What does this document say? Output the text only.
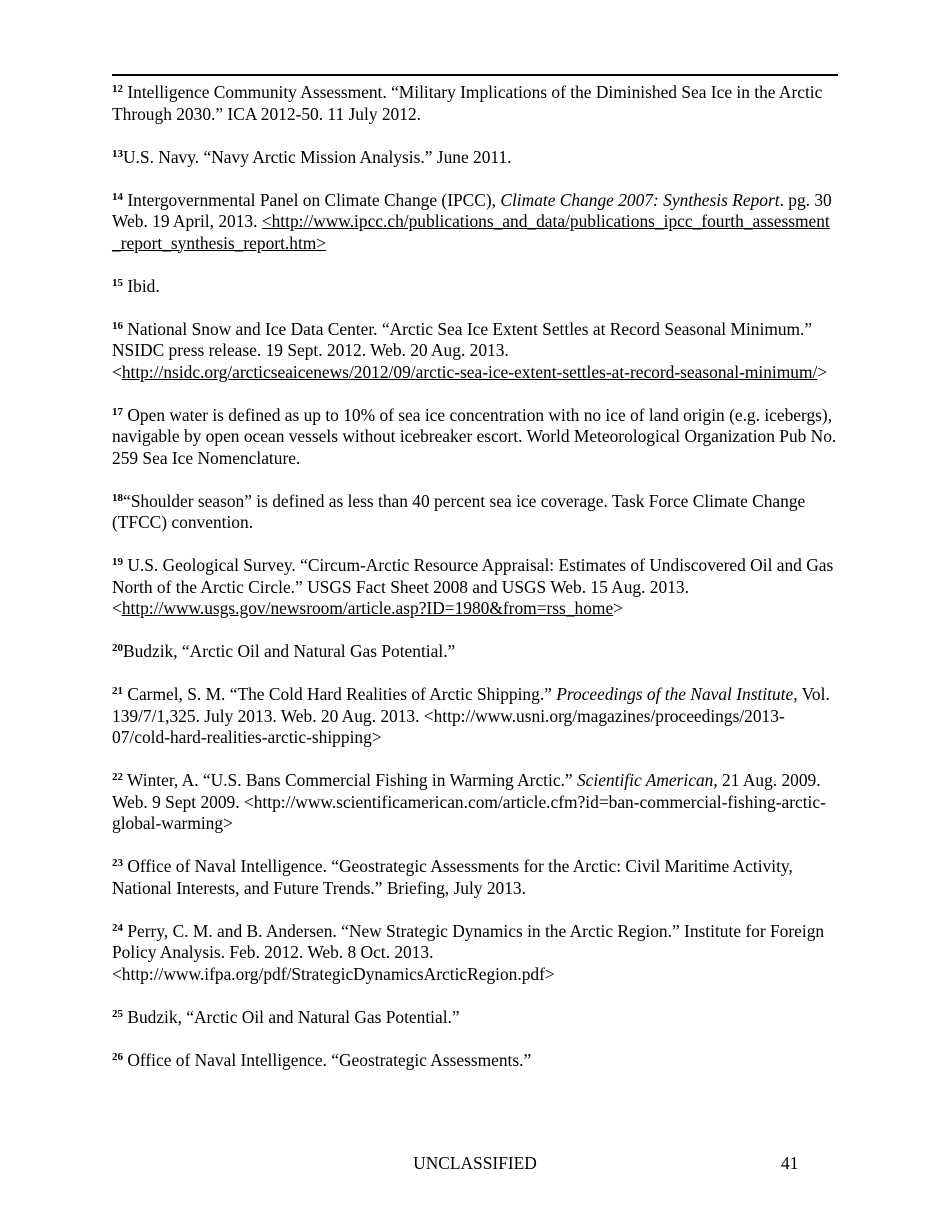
$^{12}$ Intelligence Community Assessment. “Military Implications of the Diminished Sea Ice in the Arctic Through 2030.” ICA 2012-50. 11 July 2012.

$^{13}$U.S. Navy. “Navy Arctic Mission Analysis.” June 2011.

$^{14}$ Intergovernmental Panel on Climate Change (IPCC), Climate Change 2007: Synthesis Report. pg. 30 Web. 19 April, 2013. <http://www.ipcc.ch/publications_and_data/publications_ipcc_fourth_assessment_report_synthesis_report.htm>

$^{15}$ Ibid.

$^{16}$ National Snow and Ice Data Center. “Arctic Sea Ice Extent Settles at Record Seasonal Minimum.” NSIDC press release. 19 Sept. 2012. Web. 20 Aug. 2013. <http://nsidc.org/arcticseaicenews/2012/09/arctic-sea-ice-extent-settles-at-record-seasonal-minimum/>

$^{17}$ Open water is defined as up to 10% of sea ice concentration with no ice of land origin (e.g. icebergs), navigable by open ocean vessels without icebreaker escort. World Meteorological Organization Pub No. 259 Sea Ice Nomenclature.

$^{18}$“Shoulder season” is defined as less than 40 percent sea ice coverage. Task Force Climate Change (TFCC) convention.

$^{19}$ U.S. Geological Survey. “Circum-Arctic Resource Appraisal: Estimates of Undiscovered Oil and Gas North of the Arctic Circle.” USGS Fact Sheet 2008 and USGS Web. 15 Aug. 2013. <http://www.usgs.gov/newsroom/article.asp?ID=1980&from=rss_home>

$^{20}$Budzik, “Arctic Oil and Natural Gas Potential.”

$^{21}$ Carmel, S. M. “The Cold Hard Realities of Arctic Shipping.” Proceedings of the Naval Institute, Vol. 139/7/1,325. July 2013. Web. 20 Aug. 2013. <http://www.usni.org/magazines/proceedings/2013-07/cold-hard-realities-arctic-shipping>

$^{22}$ Winter, A. “U.S. Bans Commercial Fishing in Warming Arctic.” Scientific American, 21 Aug. 2009. Web. 9 Sept 2009. <http://www.scientificamerican.com/article.cfm?id=ban-commercial-fishing-arctic-global-warming>

$^{23}$ Office of Naval Intelligence. “Geostrategic Assessments for the Arctic: Civil Maritime Activity, National Interests, and Future Trends.” Briefing, July 2013.

$^{24}$ Perry, C. M. and B. Andersen. “New Strategic Dynamics in the Arctic Region.” Institute for Foreign Policy Analysis. Feb. 2012. Web. 8 Oct. 2013. <http://www.ifpa.org/pdf/StrategicDynamicsArcticRegion.pdf>

$^{25}$ Budzik, “Arctic Oil and Natural Gas Potential.”

$^{26}$ Office of Naval Intelligence. “Geostrategic Assessments.”

UNCLASSIFIED	41
